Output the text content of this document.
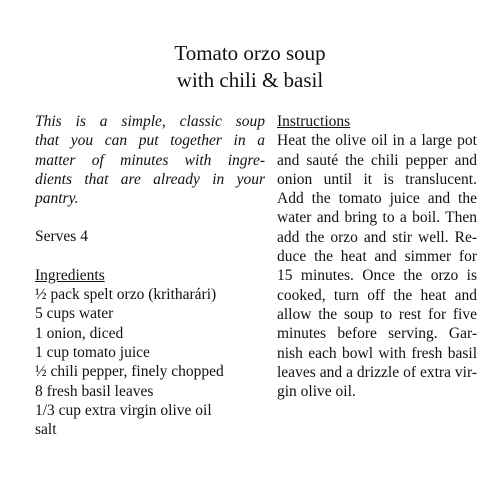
Tomato orzo soup
with chili & basil
This is a simple, classic soup
that you can put together in a
matter of minutes with ingre-
dients that are already in your
pantry.
Serves 4
Ingredients
½ pack spelt orzo (kritharári)
5 cups water
1 onion, diced
1 cup tomato juice
½ chili pepper, finely chopped
8 fresh basil leaves
1/3 cup extra virgin olive oil
salt
Instructions
Heat the olive oil in a large pot
and sauté the chili pepper and
onion until it is translucent.
Add the tomato juice and the
water and bring to a boil. Then
add the orzo and stir well. Re-
duce the heat and simmer for
15 minutes. Once the orzo is
cooked, turn off the heat and
allow the soup to rest for five
minutes before serving. Gar-
nish each bowl with fresh basil
leaves and a drizzle of extra vir-
gin olive oil.
